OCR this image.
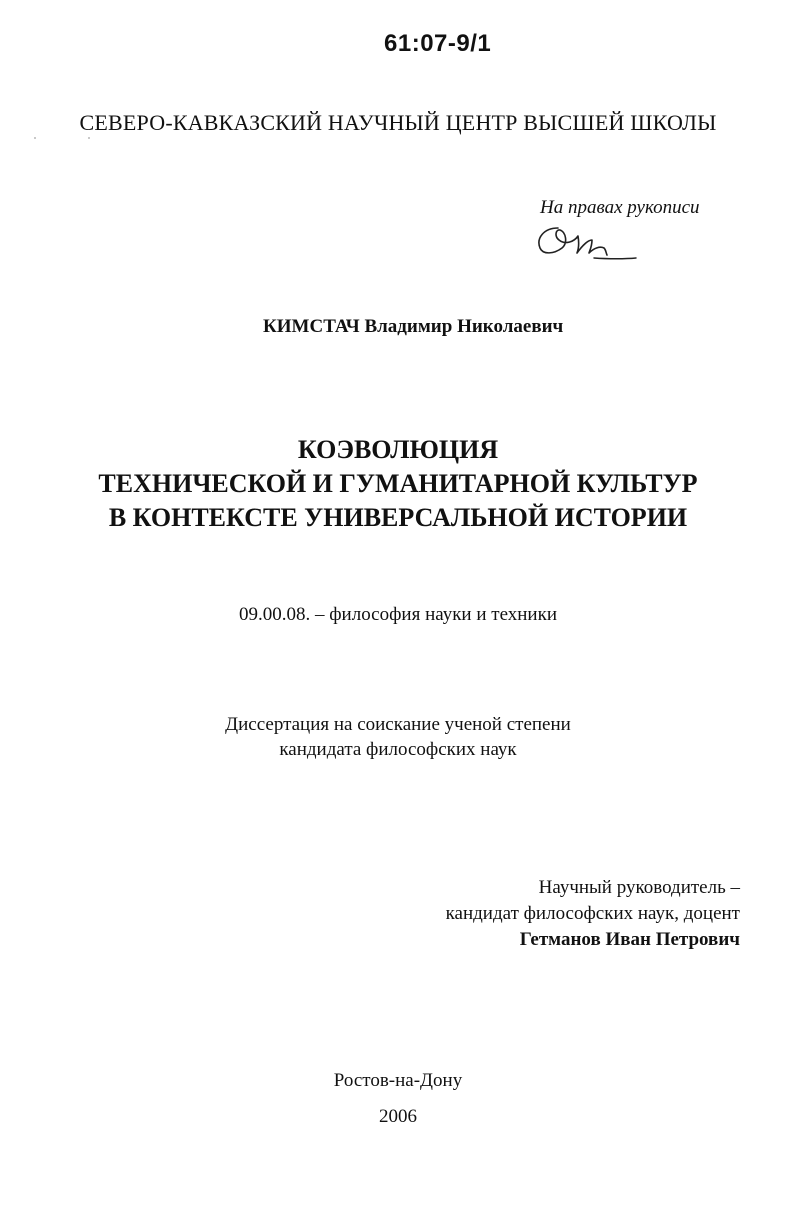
61:07-9/1
СЕВЕРО-КАВКАЗСКИЙ НАУЧНЫЙ ЦЕНТР ВЫСШЕЙ ШКОЛЫ
На правах рукописи
КИМСТАЧ Владимир Николаевич
КОЭВОЛЮЦИЯ
ТЕХНИЧЕСКОЙ И ГУМАНИТАРНОЙ КУЛЬТУР
В КОНТЕКСТЕ УНИВЕРСАЛЬНОЙ ИСТОРИИ
09.00.08. – философия науки и техники
Диссертация на соискание ученой степени
кандидата философских наук
Научный руководитель –
кандидат философских наук, доцент
Гетманов Иван Петрович
Ростов-на-Дону
2006
